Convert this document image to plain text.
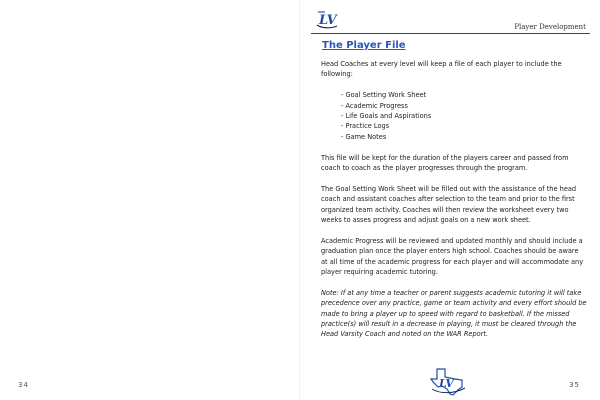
34
LV	Player Development
The Player File

Head Coaches at every level will keep a file of each player to include the following:

- Goal Setting Work Sheet
- Academic Progress
- Life Goals and Aspirations
- Practice Logs
- Game Notes

This file will be kept for the duration of the players career and passed from coach to coach as the player progresses through the program.

The Goal Setting Work Sheet will be filled out with the assistance of the head coach and assistant coaches after selection to the team and prior to the first organized team activity. Coaches will then review the worksheet every two weeks to asses progress and adjust goals on a new work sheet.

Academic Progress will be reviewed and updated monthly and should include a graduation plan once the player enters high school. Coaches should be aware at all time of the academic progress for each player and will accommodate any player requiring academic tutoring.

Note: If at any time a teacher or parent suggests academic tutoring it will take precedence over any practice, game or team activity and every effort should be made to bring a player up to speed with regard to basketball. If the missed practice(s) will result in a decrease in playing, it must be cleared through the Head Varsity Coach and noted on the WAR Report.

LV	35
